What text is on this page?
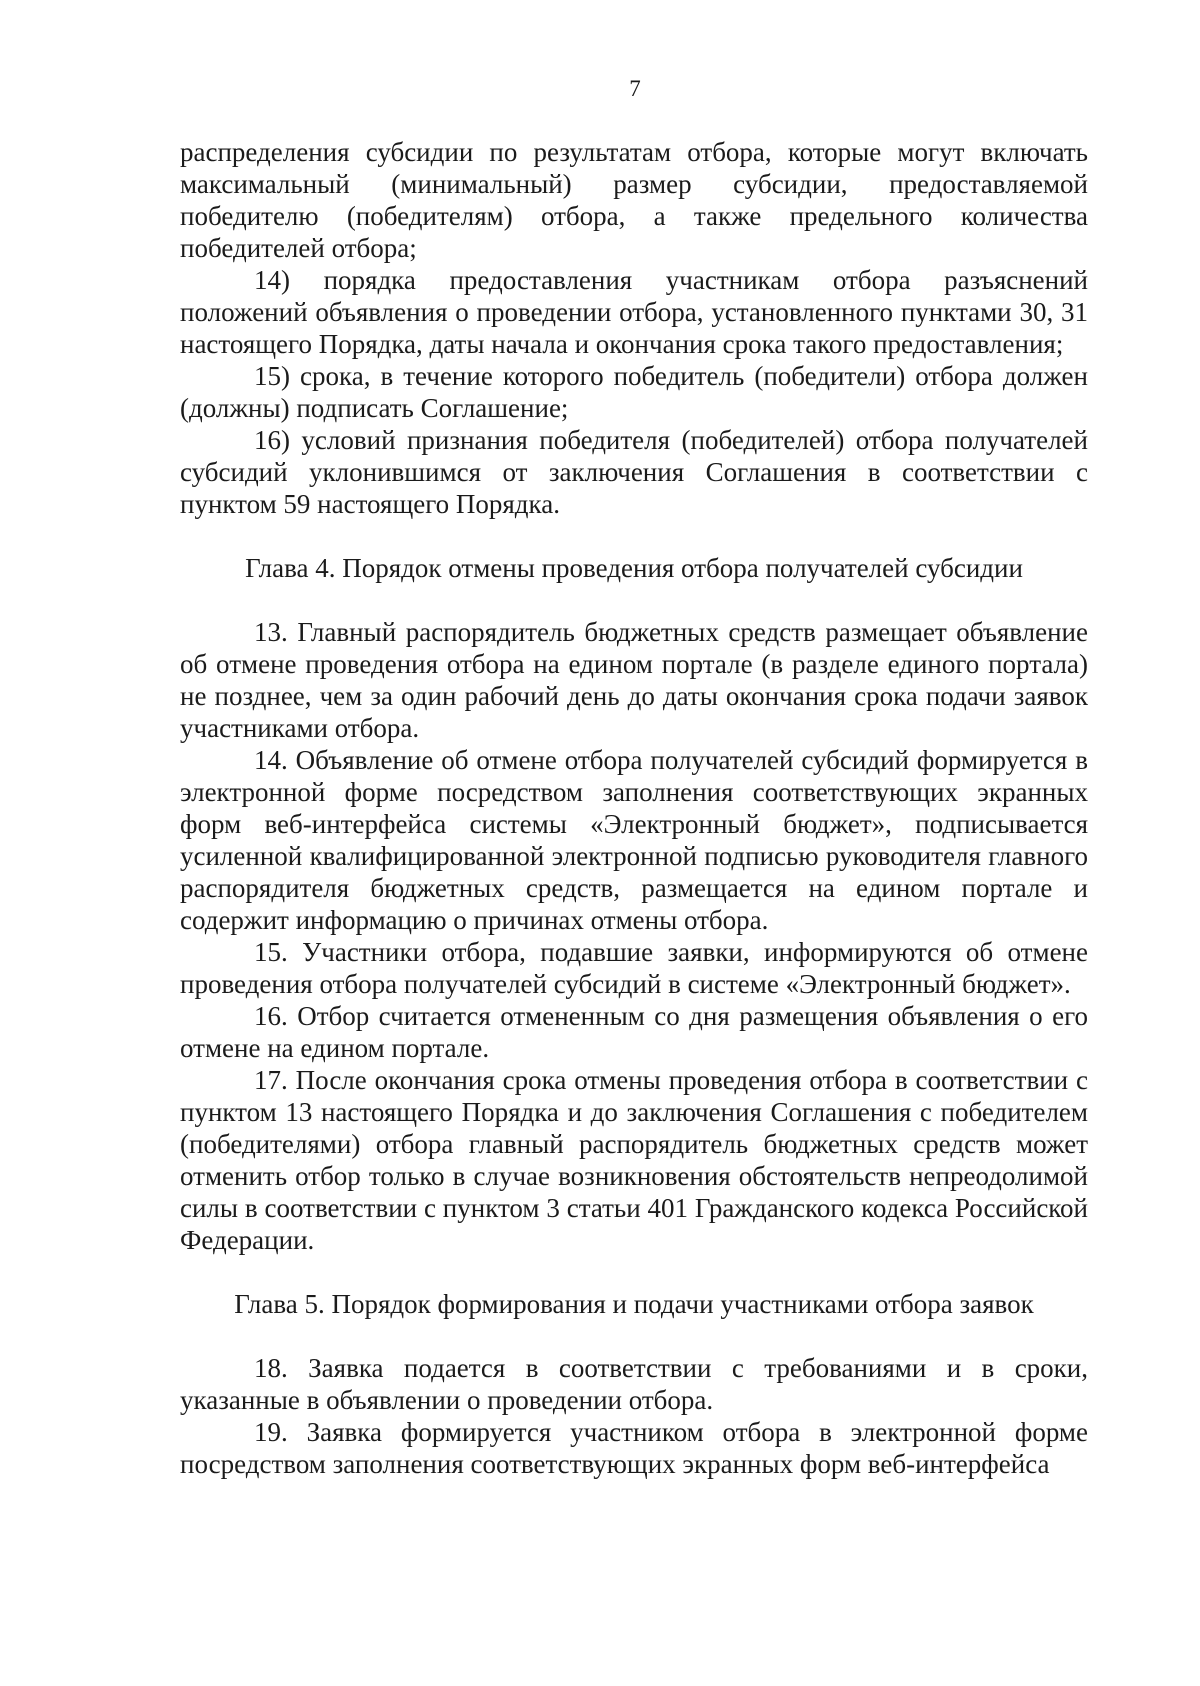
7

распределения субсидии по результатам отбора, которые могут включать максимальный (минимальный) размер субсидии, предоставляемой победителю (победителям) отбора, а также предельного количества победителей отбора;

14) порядка предоставления участникам отбора разъяснений положений объявления о проведении отбора, установленного пунктами 30, 31 настоящего Порядка, даты начала и окончания срока такого предоставления;

15) срока, в течение которого победитель (победители) отбора должен (должны) подписать Соглашение;

16) условий признания победителя (победителей) отбора получателей субсидий уклонившимся от заключения Соглашения в соответствии с пунктом 59 настоящего Порядка.

Глава 4. Порядок отмены проведения отбора получателей субсидии

13. Главный распорядитель бюджетных средств размещает объявление об отмене проведения отбора на едином портале (в разделе единого портала) не позднее, чем за один рабочий день до даты окончания срока подачи заявок участниками отбора.

14. Объявление об отмене отбора получателей субсидий формируется в электронной форме посредством заполнения соответствующих экранных форм веб-интерфейса системы «Электронный бюджет», подписывается усиленной квалифицированной электронной подписью руководителя главного распорядителя бюджетных средств, размещается на едином портале и содержит информацию о причинах отмены отбора.

15. Участники отбора, подавшие заявки, информируются об отмене проведения отбора получателей субсидий в системе «Электронный бюджет».

16. Отбор считается отмененным со дня размещения объявления о его отмене на едином портале.

17. После окончания срока отмены проведения отбора в соответствии с пунктом 13 настоящего Порядка и до заключения Соглашения с победителем (победителями) отбора главный распорядитель бюджетных средств может отменить отбор только в случае возникновения обстоятельств непреодолимой силы в соответствии с пунктом 3 статьи 401 Гражданского кодекса Российской Федерации.

Глава 5. Порядок формирования и подачи участниками отбора заявок

18. Заявка подается в соответствии с требованиями и в сроки, указанные в объявлении о проведении отбора.

19. Заявка формируется участником отбора в электронной форме посредством заполнения соответствующих экранных форм веб-интерфейса
